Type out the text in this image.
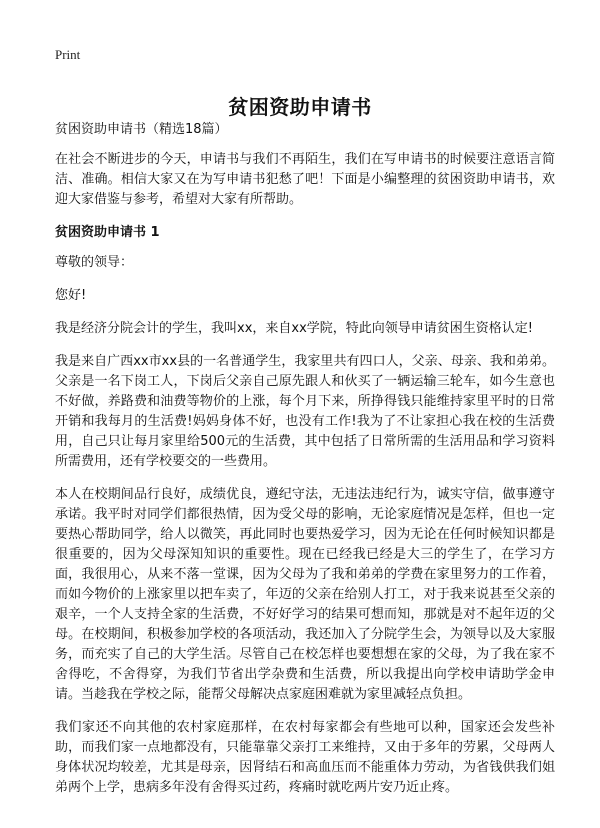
Print
贫困资助申请书

贫困资助申请书（精选18篇）

在社会不断进步的今天，申请书与我们不再陌生，我们在写申请书的时候要注意语言简洁、准确。相信大家又在为写申请书犯愁了吧！下面是小编整理的贫困资助申请书，欢迎大家借鉴与参考，希望对大家有所帮助。

贫困资助申请书 1

尊敬的领导：

您好!

我是经济分院会计的学生，我叫xx，来自xx学院，特此向领导申请贫困生资格认定!

我是来自广西xx市xx县的一名普通学生，我家里共有四口人，父亲、母亲、我和弟弟。父亲是一名下岗工人，下岗后父亲自己原先跟人和伙买了一辆运输三轮车，如今生意也不好做，养路费和油费等物价的上涨，每个月下来，所挣得钱只能维持家里平时的日常开销和我每月的生活费!妈妈身体不好，也没有工作!我为了不让家担心我在校的生活费用，自己只让每月家里给500元的生活费，其中包括了日常所需的生活用品和学习资料所需费用，还有学校要交的一些费用。

本人在校期间品行良好，成绩优良，遵纪守法，无违法违纪行为，诚实守信，做事遵守承诺。我平时对同学们都很热情，因为受父母的影响，无论家庭情况是怎样，但也一定要热心帮助同学，给人以微笑，再此同时也要热爱学习，因为无论在任何时候知识都是很重要的，因为父母深知知识的重要性。现在已经我已经是大三的学生了，在学习方面，我很用心，从来不落一堂课，因为父母为了我和弟弟的学费在家里努力的工作着，而如今物价的上涨家里以把车卖了，年迈的父亲在给别人打工，对于我来说甚至父亲的艰辛，一个人支持全家的生活费，不好好学习的结果可想而知，那就是对不起年迈的父母。在校期间，积极参加学校的各项活动，我还加入了分院学生会，为领导以及大家服务，而充实了自己的大学生活。尽管自己在校怎样也要想想在家的父母，为了我在家不舍得吃，不舍得穿，为我们节省出学杂费和生活费，所以我提出向学校申请助学金申请。当趁我在学校之际，能帮父母解决点家庭困难就为家里减轻点负担。

我们家还不向其他的农村家庭那样，在农村每家都会有些地可以种，国家还会发些补助，而我们家一点地都没有，只能靠靠父亲打工来维持，又由于多年的劳累，父母两人身体状况均较差，尤其是母亲，因肾结石和高血压而不能重体力劳动，为省钱供我们姐弟两个上学，患病多年没有舍得买过药，疼痛时就吃两片安乃近止疼。
